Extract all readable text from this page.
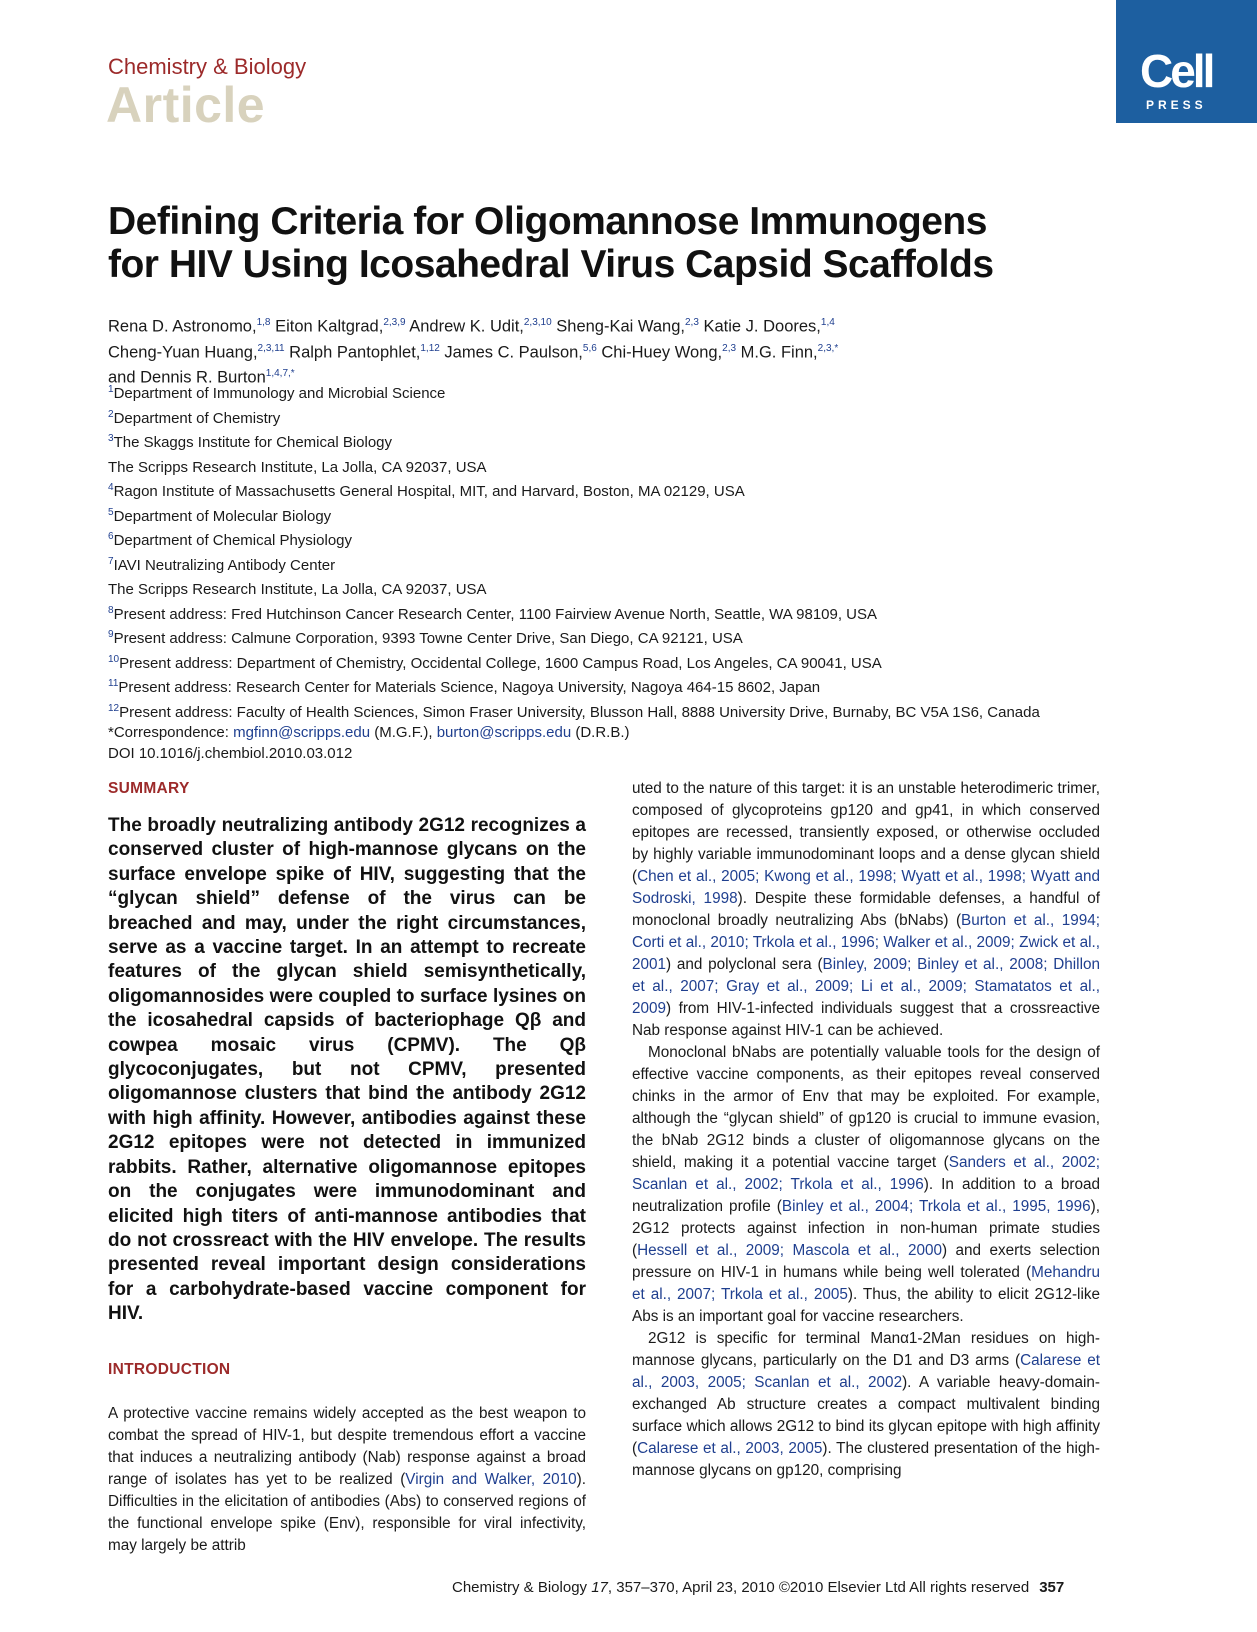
Chemistry & Biology
Article
Cell
PRESS
Defining Criteria for Oligomannose Immunogens
for HIV Using Icosahedral Virus Capsid Scaffolds
Rena D. Astronomo,$^{1,8}$ Eiton Kaltgrad,$^{2,3,9}$ Andrew K. Udit,$^{2,3,10}$ Sheng-Kai Wang,$^{2,3}$ Katie J. Doores,$^{1,4}$
Cheng-Yuan Huang,$^{2,3,11}$ Ralph Pantophlet,$^{1,12}$ James C. Paulson,$^{5,6}$ Chi-Huey Wong,$^{2,3}$ M.G. Finn,$^{2,3,*}$
and Dennis R. Burton$^{1,4,7,*}$
$^1$Department of Immunology and Microbial Science
$^2$Department of Chemistry
$^3$The Skaggs Institute for Chemical Biology
The Scripps Research Institute, La Jolla, CA 92037, USA
$^4$Ragon Institute of Massachusetts General Hospital, MIT, and Harvard, Boston, MA 02129, USA
$^5$Department of Molecular Biology
$^6$Department of Chemical Physiology
$^7$IAVI Neutralizing Antibody Center
The Scripps Research Institute, La Jolla, CA 92037, USA
$^8$Present address: Fred Hutchinson Cancer Research Center, 1100 Fairview Avenue North, Seattle, WA 98109, USA
$^9$Present address: Calmune Corporation, 9393 Towne Center Drive, San Diego, CA 92121, USA
$^{10}$Present address: Department of Chemistry, Occidental College, 1600 Campus Road, Los Angeles, CA 90041, USA
$^{11}$Present address: Research Center for Materials Science, Nagoya University, Nagoya 464-15 8602, Japan
$^{12}$Present address: Faculty of Health Sciences, Simon Fraser University, Blusson Hall, 8888 University Drive, Burnaby, BC V5A 1S6, Canada
*Correspondence: mgfinn@scripps.edu (M.G.F.), burton@scripps.edu (D.R.B.)
DOI 10.1016/j.chembiol.2010.03.012
SUMMARY
The broadly neutralizing antibody 2G12 recognizes a conserved cluster of high-mannose glycans on the surface envelope spike of HIV, suggesting that the “glycan shield” defense of the virus can be breached and may, under the right circumstances, serve as a vaccine target. In an attempt to recreate features of the glycan shield semisynthetically, oligomannosides were coupled to surface lysines on the icosahedral capsids of bacteriophage Qβ and cowpea mosaic virus (CPMV). The Qβ glycoconjugates, but not CPMV, presented oligomannose clusters that bind the antibody 2G12 with high affinity. However, antibodies against these 2G12 epitopes were not detected in immunized rabbits. Rather, alternative oligomannose epitopes on the conjugates were immunodominant and elicited high titers of anti-mannose antibodies that do not crossreact with the HIV envelope. The results presented reveal important design considerations for a carbohydrate-based vaccine component for HIV.
INTRODUCTION

A protective vaccine remains widely accepted as the best weapon to combat the spread of HIV-1, but despite tremendous effort a vaccine that induces a neutralizing antibody (Nab) response against a broad range of isolates has yet to be realized (Virgin and Walker, 2010). Difficulties in the elicitation of antibodies (Abs) to conserved regions of the functional envelope spike (Env), responsible for viral infectivity, may largely be attrib

uted to the nature of this target: it is an unstable heterodimeric trimer, composed of glycoproteins gp120 and gp41, in which conserved epitopes are recessed, transiently exposed, or otherwise occluded by highly variable immunodominant loops and a dense glycan shield (Chen et al., 2005; Kwong et al., 1998; Wyatt et al., 1998; Wyatt and Sodroski, 1998). Despite these formidable defenses, a handful of monoclonal broadly neutralizing Abs (bNabs) (Burton et al., 1994; Corti et al., 2010; Trkola et al., 1996; Walker et al., 2009; Zwick et al., 2001) and polyclonal sera (Binley, 2009; Binley et al., 2008; Dhillon et al., 2007; Gray et al., 2009; Li et al., 2009; Stamatatos et al., 2009) from HIV-1-infected individuals suggest that a crossreactive Nab response against HIV-1 can be achieved.

Monoclonal bNabs are potentially valuable tools for the design of effective vaccine components, as their epitopes reveal conserved chinks in the armor of Env that may be exploited. For example, although the “glycan shield” of gp120 is crucial to immune evasion, the bNab 2G12 binds a cluster of oligomannose glycans on the shield, making it a potential vaccine target (Sanders et al., 2002; Scanlan et al., 2002; Trkola et al., 1996). In addition to a broad neutralization profile (Binley et al., 2004; Trkola et al., 1995, 1996), 2G12 protects against infection in non-human primate studies (Hessell et al., 2009; Mascola et al., 2000) and exerts selection pressure on HIV-1 in humans while being well tolerated (Mehandru et al., 2007; Trkola et al., 2005). Thus, the ability to elicit 2G12-like Abs is an important goal for vaccine researchers.

2G12 is specific for terminal Manα1-2Man residues on high-mannose glycans, particularly on the D1 and D3 arms (Calarese et al., 2003, 2005; Scanlan et al., 2002). A variable heavy-domain-exchanged Ab structure creates a compact multivalent binding surface which allows 2G12 to bind its glycan epitope with high affinity (Calarese et al., 2003, 2005). The clustered presentation of the high-mannose glycans on gp120, comprising

Chemistry & Biology 17, 357–370, April 23, 2010 ©2010 Elsevier Ltd All rights reserved 357
